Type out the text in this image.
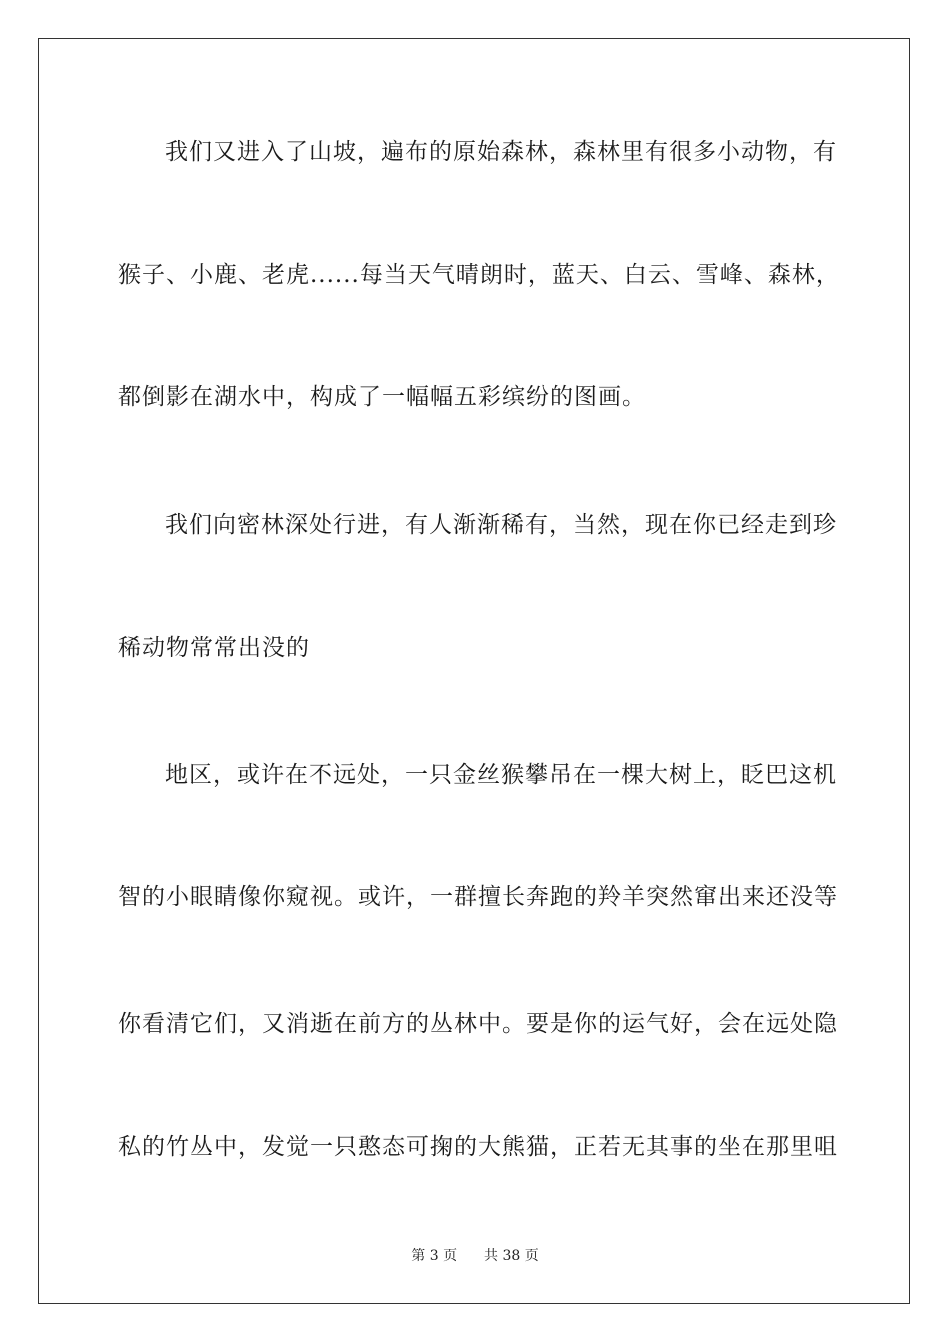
我们又进入了山坡，遍布的原始森林，森林里有很多小动物，有
猴子、小鹿、老虎......每当天气晴朗时，蓝天、白云、雪峰、森林，
都倒影在湖水中，构成了一幅幅五彩缤纷的图画。
我们向密林深处行进，有人渐渐稀有，当然，现在你已经走到珍
稀动物常常出没的
地区，或许在不远处，一只金丝猴攀吊在一棵大树上，眨巴这机
智的小眼睛像你窥视。或许，一群擅长奔跑的羚羊突然窜出来还没等
你看清它们，又消逝在前方的丛林中。要是你的运气好，会在远处隐
私的竹丛中，发觉一只憨态可掬的大熊猫，正若无其事的坐在那里咀
第 3 页 共 38 页
